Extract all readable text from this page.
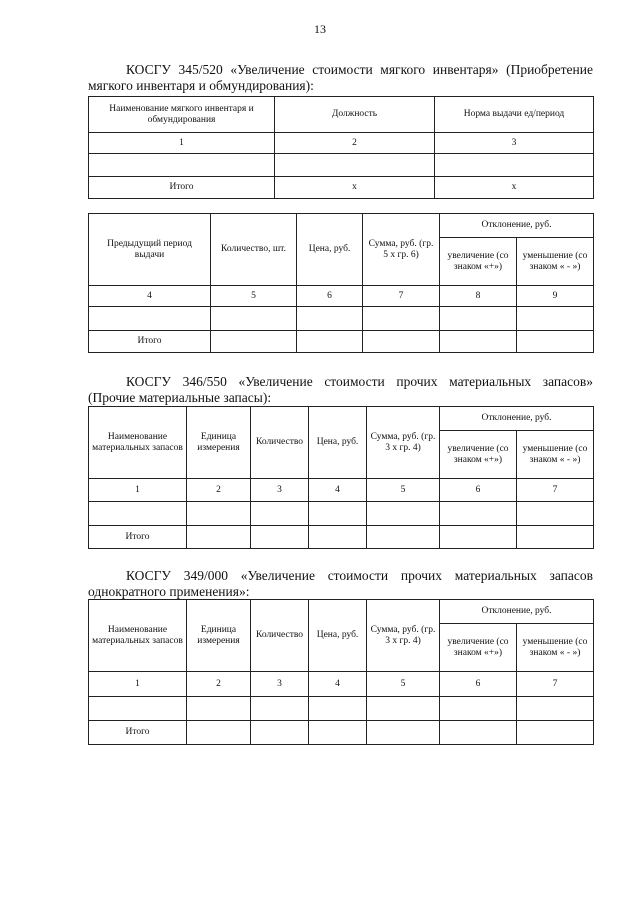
13
КОСГУ 345/520 «Увеличение стоимости мягкого инвентаря» (Приобретение мягкого инвентаря и обмундирования):
Наименование мягкого инвентаря и обмундирования	Должность	Норма выдачи ед/период
1	2	3

Итого	x	x
Предыдущий период выдачи	Количество, шт.	Цена, руб.	Сумма, руб. (гр. 5 х гр. 6)	Отклонение, руб.	
				увеличение (со знаком «+»)	уменьшение (со знаком « - »)
4	5	6	7	8	9

Итого					
КОСГУ 346/550 «Увеличение стоимости прочих материальных запасов» (Прочие материальные запасы):
Наименование материальных запасов	Единица измерения	Количество	Цена, руб.	Сумма, руб. (гр. 3 х гр. 4)	Отклонение, руб.	
					увеличение (со знаком «+»)	уменьшение (со знаком « - »)
1	2	3	4	5	6	7

Итого						
КОСГУ 349/000 «Увеличение стоимости прочих материальных запасов однократного применения»:
Наименование материальных запасов	Единица измерения	Количество	Цена, руб.	Сумма, руб. (гр. 3 х гр. 4)	Отклонение, руб.	
					увеличение (со знаком «+»)	уменьшение (со знаком « - »)
1	2	3	4	5	6	7

Итого						
